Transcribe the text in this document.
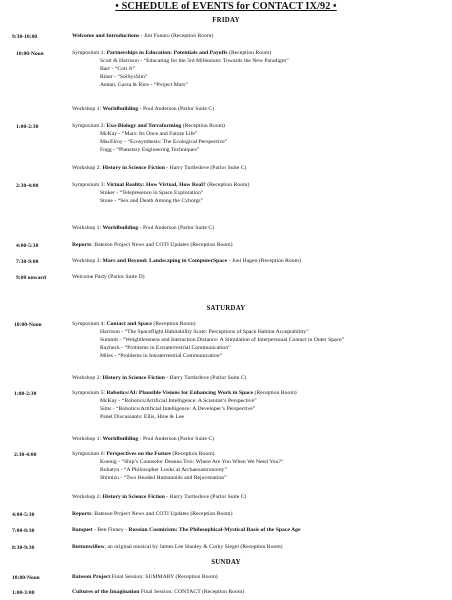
• SCHEDULE of EVENTS for CONTACT IX/92 •
FRIDAY
9:30-10:00	Welcome and Introductions - Jim Funaro (Reception Room)
10:00-Noon	Symposium 1: Partnerships in Education: Potentials and Payoffs (Reception Room)
Scott & Harrison - “Educating for the 3rd Millenium: Towards the New Paradigm”
Barr - “Coti Jr”
Riner - “SolSysSim”
Aedan, Garza & Rice - “Project Mars”
Workshop 1: Worldbuilding - Poul Anderson (Parlor Suite C)
1:00-2:30	Symposium 2: Exo-Biology and Terraforming (Reception Room)
McKay - “Mars: Its Once and Future Life”
MacElroy - “Ecosynthesis: The Ecological Perspective”
Fogg - “Planetary Engineering Techniques”
Workshop 2: History in Science Fiction - Harry Turtledove (Parlor Suite C)
2:30-4:00	Symposium 3: Virtual Reality: How Virtual, How Real? (Reception Room)
Stoker - “Telepresence in Space Exploration”
Stone - “Sex and Death Among the Cyborgs”
Workshop 1: Worldbuilding - Poul Anderson (Parlor Suite C)
4:00-5:30	Reports: Bateson Project News and COTI Updates (Reception Room)
7:30-9:00	Workshop 3: Mars and Beyond: Landscaping in ComputerSpace - Joel Hagen (Reception Room)
9:00 onward	Welcome Party (Parlor Suite D)
SATURDAY
10:00-Noon	Symposium 4: Contact and Space (Reception Room)
Harrison - “The Spaceflight Habitability Scale: Perceptions of Space Habitat Acceptability”
Summit - “Weightlessness and Interaction Distance: A Simulation of Interpersonal Contact in Outer Space”
Raybeck - “Problems in Extraterrestrial Communication”
Miles - “Problems in Intraterrestrial Communication”
Workshop 2: History in Science Fiction - Harry Turtledove (Parlor Suite C)
1:00-2:30	Symposium 5: Robotics/AI: Plausible Visions for Enhancing Work in Space (Reception Room)
McKay - “Robotics/Artificial Intelligence: A Scientist’s Perspective”
Sims - “Robotics/Artificial Intelligence: A Developer’s Perspective”
Panel Discussants: Ellis, Hine & Lee
Workshop 1: Worldbuilding - Poul Anderson (Parlor Suite C)
2:30-4:00	Symposium 6: Perspectives on the Future (Reception Room)
Koenig - “Ship’s Counselor Deanna Troi: Where Are You When We Need You?”
Rohatyn - “A Philosopher Looks at Archaeoastronomy”
Shimizu - “Two Headed Humanoids and Rejuvenation”
Workshop 2: History in Science Fiction - Harry Turtledove (Parlor Suite C)
4:00-5:30	Reports: Bateson Project News and COTI Updates (Reception Room)
7:00-8:30	Banquet - Ben Finney - Russian Cosmicism: The Philosophical-Mystical Basis of the Space Age
8:30-9:30	Buttonwillow, an original musical by James Lee Stanley & Corky Siegel (Reception Room)
SUNDAY
10:00-Noon	Bateson Project Final Session: SUMMARY (Reception Room)
1:00-3:00	Cultures of the Imagination Final Session: CONTACT (Reception Room)
